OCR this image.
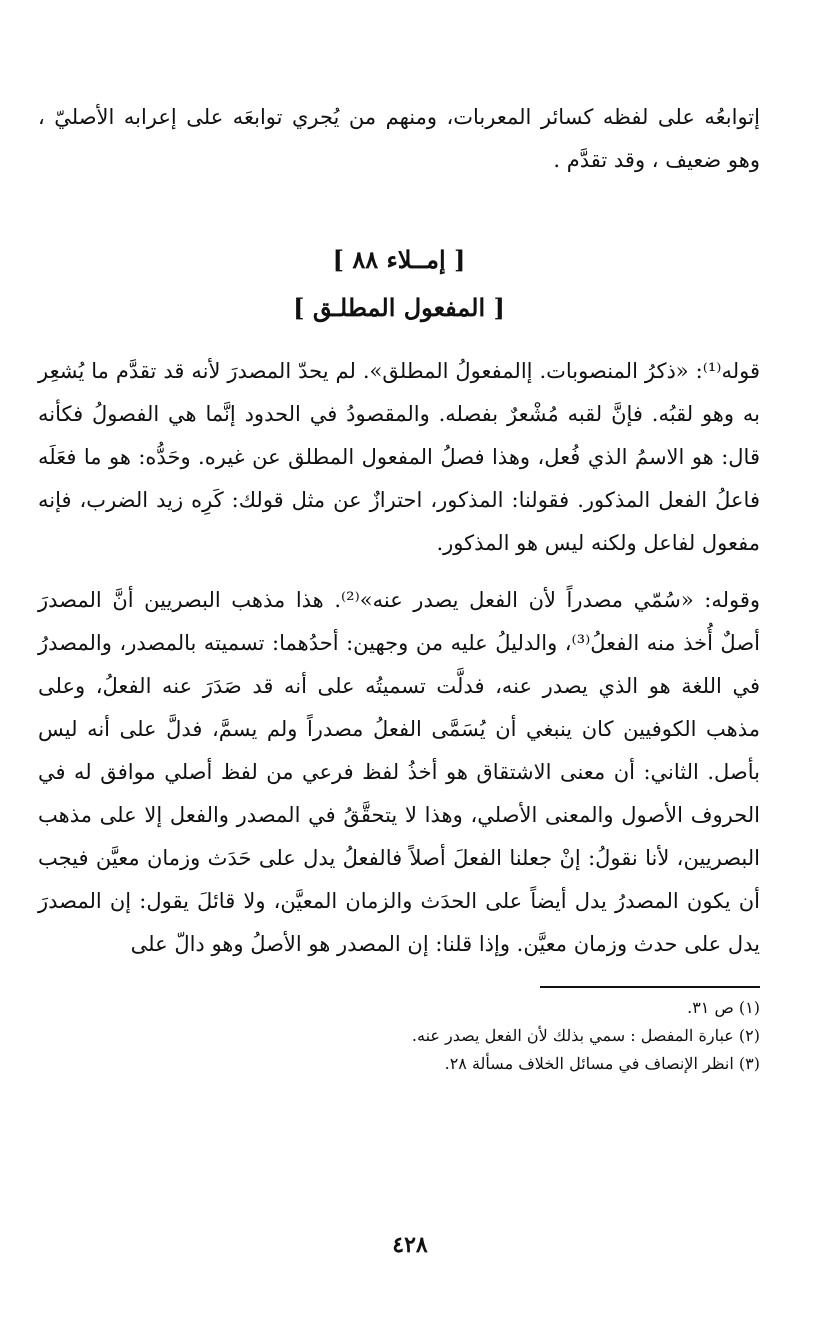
إتوابعُه على لفظه كسائر المعربات، ومنهم من يُجري توابعَه على إعرابه الأصليّ ، وهو ضعيف ، وقد تقدَّم .

[ إمــلاء ٨٨ ]

[ المفعول المطلـق ]

قوله⁽¹⁾: «ذكرُ المنصوبات. إالمفعولُ المطلق». لم يحدّ المصدرَ لأنه قد تقدَّم ما يُشعِر به وهو لقبُه. فإنَّ لقبه مُشْعرٌ بفصله. والمقصودُ في الحدود إنَّما هي الفصولُ فكأنه قال: هو الاسمُ الذي فُعل، وهذا فصلُ المفعول المطلق عن غيره. وحَدُّه: هو ما فعَلَه فاعلُ الفعل المذكور. فقولنا: المذكور، احترازٌ عن مثل قولك: كَرِه زيد الضرب، فإنه مفعول لفاعل ولكنه ليس هو المذكور.

وقوله: «سُمّي مصدراً لأن الفعل يصدر عنه»⁽²⁾. هذا مذهب البصريين أنَّ المصدرَ أصلٌ أُخذ منه الفعلُ⁽³⁾، والدليلُ عليه من وجهين: أحدُهما: تسميته بالمصدر، والمصدرُ في اللغة هو الذي يصدر عنه، فدلَّت تسميتُه على أنه قد صَدَرَ عنه الفعلُ، وعلى مذهب الكوفيين كان ينبغي أن يُسَمَّى الفعلُ مصدراً ولم يسمَّ، فدلَّ على أنه ليس بأصل. الثاني: أن معنى الاشتقاق هو أخذُ لفظ فرعي من لفظ أصلي موافق له في الحروف الأصول والمعنى الأصلي، وهذا لا يتحقَّقُ في المصدر والفعل إلا على مذهب البصريين، لأنا نقولُ: إنْ جعلنا الفعلَ أصلاً فالفعلُ يدل على حَدَث وزمان معيَّن فيجب أن يكون المصدرُ يدل أيضاً على الحدَث والزمان المعيَّن، ولا قائلَ يقول: إن المصدرَ يدل على حدث وزمان معيَّن. وإذا قلنا: إن المصدر هو الأصلُ وهو دالّ على

(١) ص ٣١.

(٢) عبارة المفصل : سمي بذلك لأن الفعل يصدر عنه.

(٣) انظر الإنصاف في مسائل الخلاف مسألة ٢٨.

٤٢٨
